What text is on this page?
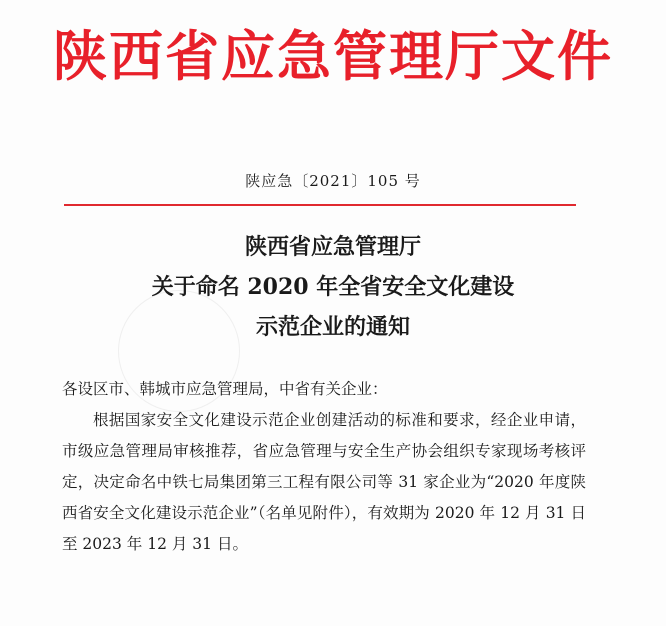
陕西省应急管理厅文件
陕应急〔2021〕105 号
陕西省应急管理厅
关于命名 2020 年全省安全文化建设
示范企业的通知
各设区市、韩城市应急管理局，中省有关企业：
根据国家安全文化建设示范企业创建活动的标准和要求，经企业申请，市级应急管理局审核推荐，省应急管理与安全生产协会组织专家现场考核评定，决定命名中铁七局集团第三工程有限公司等 31 家企业为“2020 年度陕西省安全文化建设示范企业”（名单见附件），有效期为 2020 年 12 月 31 日至 2023 年 12 月 31 日。
